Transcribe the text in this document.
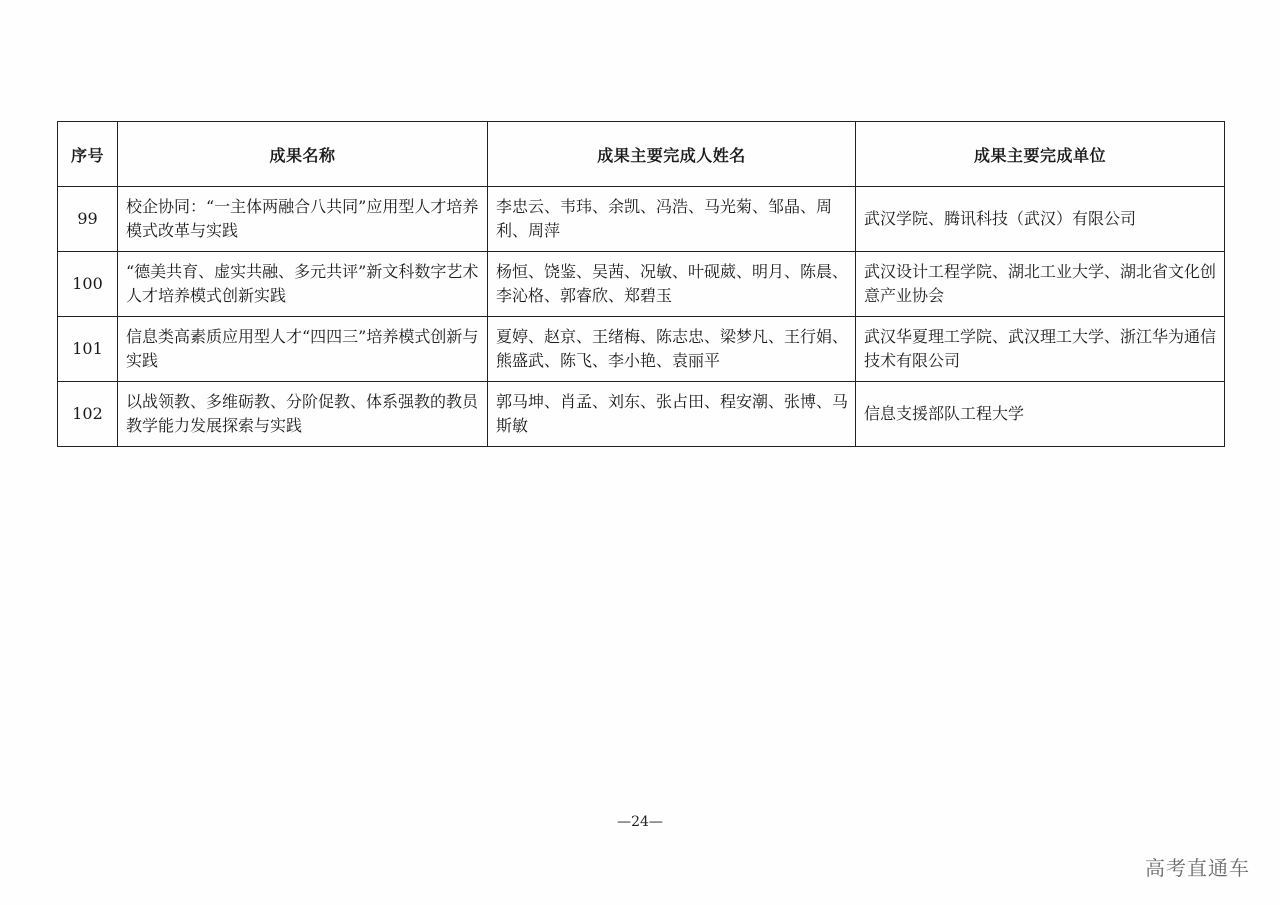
序号	成果名称	成果主要完成人姓名	成果主要完成单位
99	校企协同：“一主体两融合八共同”应用型人才培养模式改革与实践	李忠云、韦玮、余凯、冯浩、马光菊、邹晶、周利、周萍	武汉学院、腾讯科技（武汉）有限公司
100	“德美共育、虚实共融、多元共评”新文科数字艺术人才培养模式创新实践	杨恒、饶鉴、吴茜、况敏、叶砚葳、明月、陈晨、李沁格、郭睿欣、郑碧玉	武汉设计工程学院、湖北工业大学、湖北省文化创意产业协会
101	信息类高素质应用型人才“四四三”培养模式创新与实践	夏婷、赵京、王绪梅、陈志忠、梁梦凡、王行娟、熊盛武、陈飞、李小艳、袁丽平	武汉华夏理工学院、武汉理工大学、浙江华为通信技术有限公司
102	以战领教、多维砺教、分阶促教、体系强教的教员教学能力发展探索与实践	郭马坤、肖孟、刘东、张占田、程安潮、张博、马斯敏	信息支援部队工程大学
—24—
高考直通车
